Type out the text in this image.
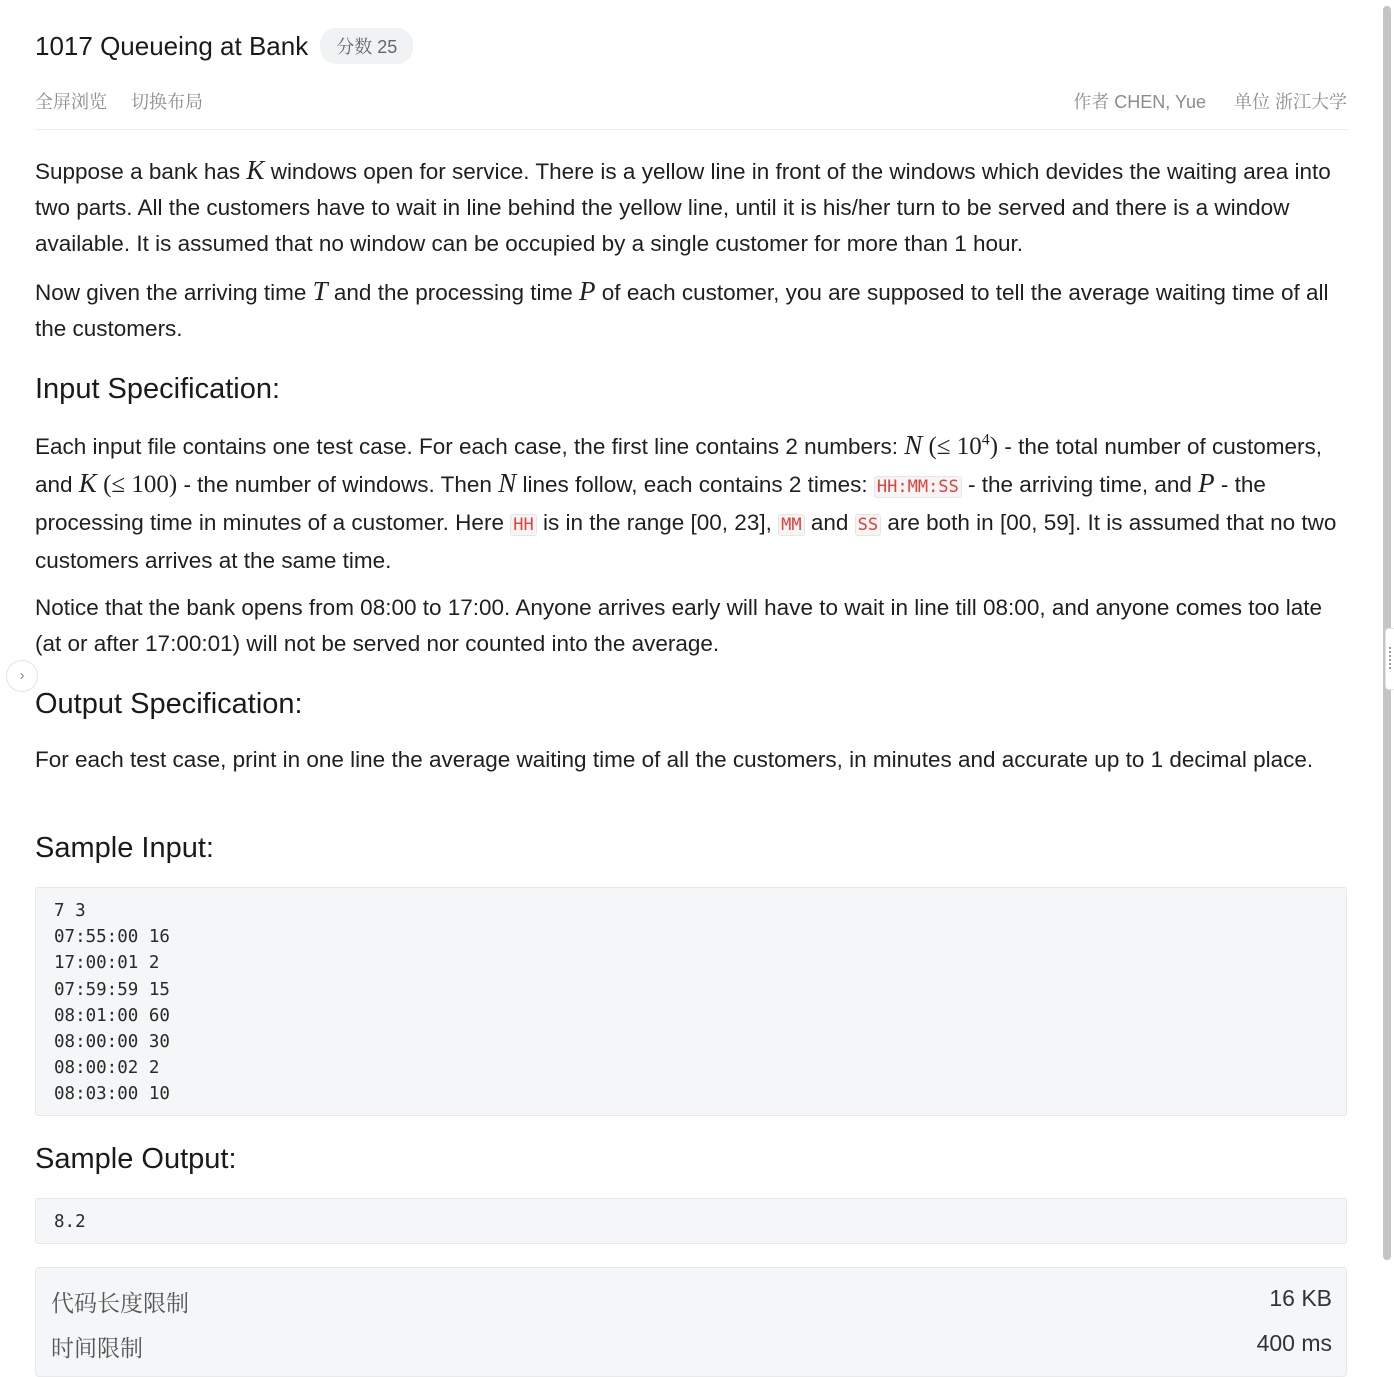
1017 Queueing at Bank	分数 25
全屏浏览 切换布局	作者 CHEN, Yue 单位 浙江大学

Suppose a bank has K windows open for service. There is a yellow line in front of the windows which devides the waiting area into two parts. All the customers have to wait in line behind the yellow line, until it is his/her turn to be served and there is a window available. It is assumed that no window can be occupied by a single customer for more than 1 hour.

Now given the arriving time T and the processing time P of each customer, you are supposed to tell the average waiting time of all the customers.

Input Specification:

Each input file contains one test case. For each case, the first line contains 2 numbers: N (≤ $10^4$) - the total number of customers, and K (≤ 100) - the number of windows. Then N lines follow, each contains 2 times: HH:MM:SS - the arriving time, and P - the processing time in minutes of a customer. Here HH is in the range [00, 23], MM and SS are both in [00, 59]. It is assumed that no two customers arrives at the same time.

Notice that the bank opens from 08:00 to 17:00. Anyone arrives early will have to wait in line till 08:00, and anyone comes too late (at or after 17:00:01) will not be served nor counted into the average.

Output Specification:

For each test case, print in one line the average waiting time of all the customers, in minutes and accurate up to 1 decimal place.

Sample Input:
7 3
07:55:00 16
17:00:01 2
07:59:59 15
08:01:00 60
08:00:00 30
08:00:02 2
08:03:00 10
Sample Output:
8.2
代码长度限制	16 KB
时间限制	400 ms
›
